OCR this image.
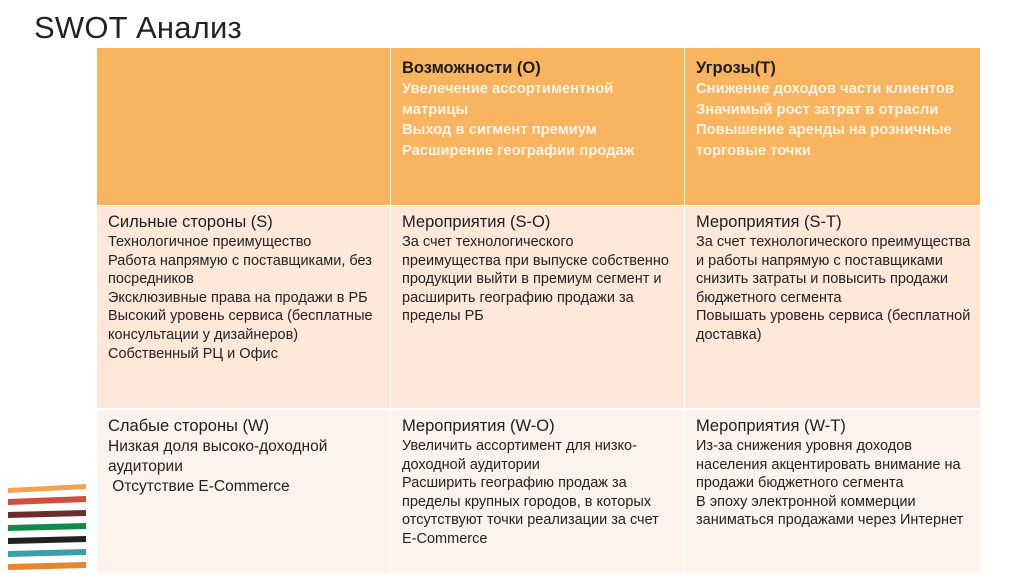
SWOT Анализ
Возможности (O)
Увелечение ассортиментной матрицы
Выход в сигмент премиум
Расширение географии продаж
Угрозы(T)
Снижение доходов части клиентов
Значимый рост затрат в отрасли
Повышение аренды на розничные торговые точки
Сильные стороны (S)
Технологичное преимущество
Работа напрямую с поставщиками, без посредников
Эксклюзивные права на продажи в РБ
Высокий уровень сервиса (бесплатные консультации у дизайнеров)
Собственный РЦ и Офис
Мероприятия (S-O)
За счет технологического преимущества при выпуске собственно продукции выйти в премиум сегмент и расширить географию продажи за пределы РБ
Мероприятия (S-T)
За счет технологического преимущества и работы напрямую с поставщиками снизить затраты и повысить продажи бюджетного сегмента
Повышать уровень сервиса (бесплатной доставка)
Слабые стороны (W)
Низкая доля высоко-доходной аудитории
Отсутствие E-Commerce
Мероприятия (W-O)
Увеличить ассортимент для низко-доходной аудитории
Расширить географию продаж за пределы крупных городов, в которых отсутствуют точки реализации за счет E-Commerce
Мероприятия (W-T)
Из-за снижения уровня доходов населения акцентировать внимание на продажи бюджетного сегмента
В эпоху электронной коммерции заниматься продажами через Интернет
